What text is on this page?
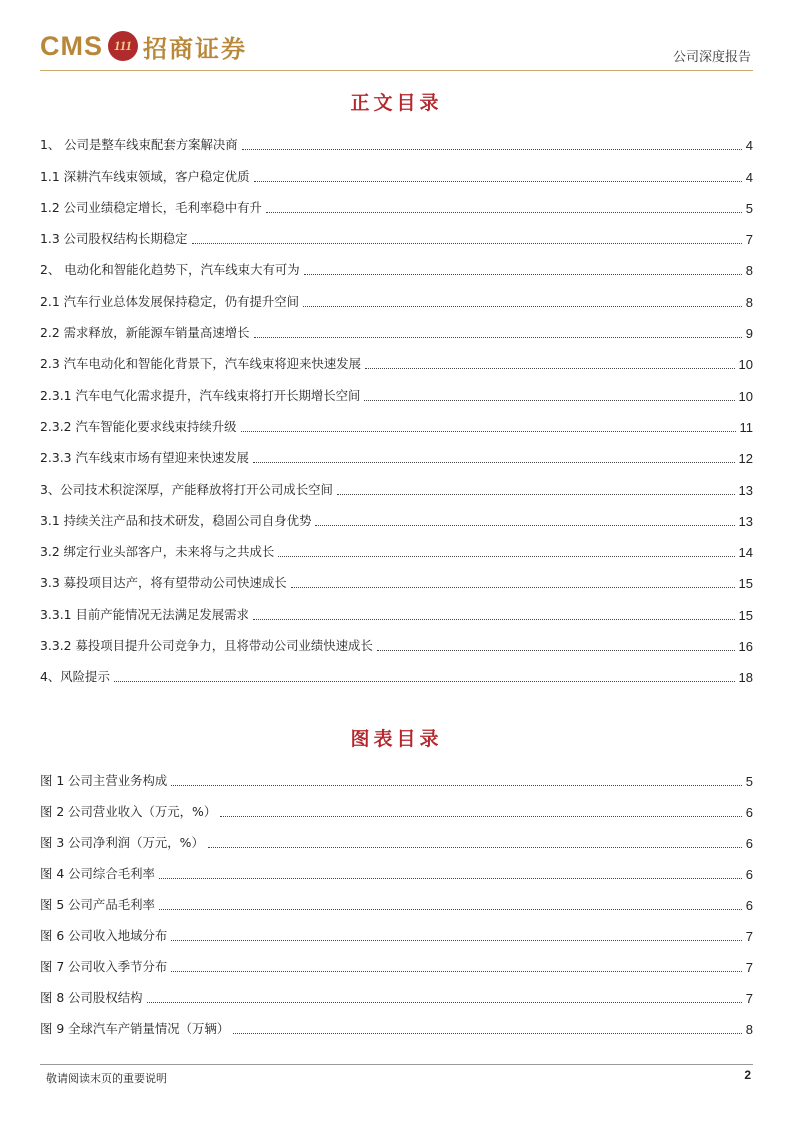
CMS 111 招商证券	公司深度报告
正文目录
1、 公司是整车线束配套方案解决商	4
1.1 深耕汽车线束领域，客户稳定优质	4
1.2 公司业绩稳定增长，毛利率稳中有升	5
1.3 公司股权结构长期稳定	7
2、 电动化和智能化趋势下，汽车线束大有可为	8
2.1 汽车行业总体发展保持稳定，仍有提升空间	8
2.2 需求释放，新能源车销量高速增长	9
2.3 汽车电动化和智能化背景下，汽车线束将迎来快速发展	10
2.3.1 汽车电气化需求提升，汽车线束将打开长期增长空间	10
2.3.2 汽车智能化要求线束持续升级	11
2.3.3 汽车线束市场有望迎来快速发展	12
3、公司技术积淀深厚，产能释放将打开公司成长空间	13
3.1 持续关注产品和技术研发，稳固公司自身优势	13
3.2 绑定行业头部客户，未来将与之共成长	14
3.3 募投项目达产，将有望带动公司快速成长	15
3.3.1 目前产能情况无法满足发展需求	15
3.3.2 募投项目提升公司竞争力，且将带动公司业绩快速成长	16
4、风险提示	18
图表目录
图 1 公司主营业务构成	5
图 2 公司营业收入（万元，%）	6
图 3 公司净利润（万元，%）	6
图 4 公司综合毛利率	6
图 5 公司产品毛利率	6
图 6 公司收入地域分布	7
图 7 公司收入季节分布	7
图 8 公司股权结构	7
图 9 全球汽车产销量情况（万辆）	8
敬请阅读末页的重要说明	2
